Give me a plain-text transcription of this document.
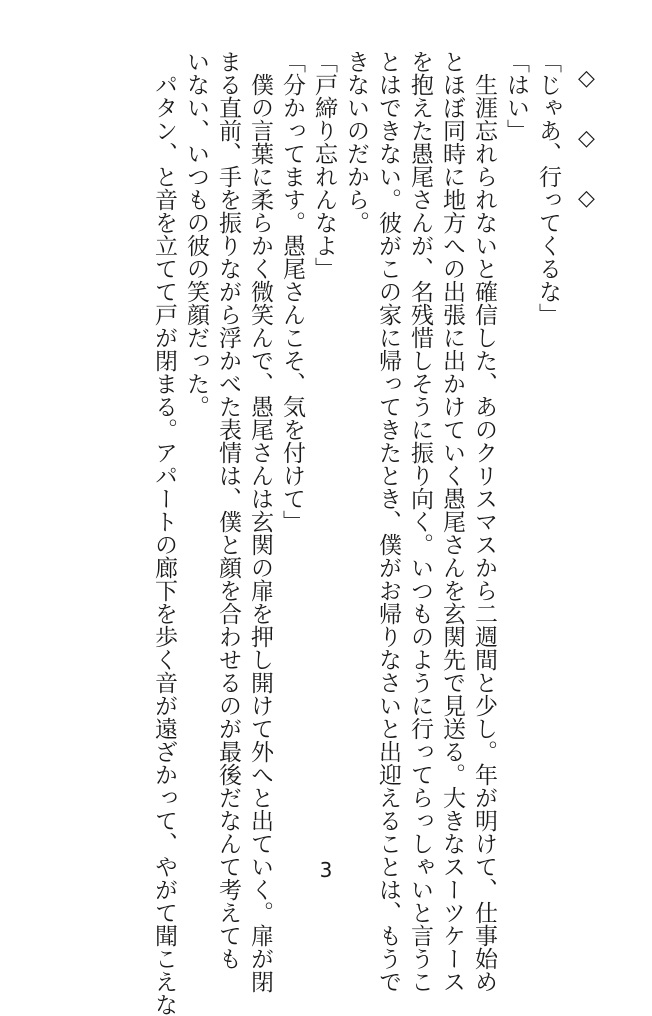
◇ ◇ ◇
「じゃあ、行ってくるな」
「はい」
　生涯忘れられないと確信した、あのクリスマスから二週間と少し。年が明けて、仕事始め
とほぼ同時に地方への出張に出かけていく愚尾さんを玄関先で見送る。大きなスーツケース
を抱えた愚尾さんが、名残惜しそうに振り向く。いつものように行ってらっしゃいと言うこ
とはできない。彼がこの家に帰ってきたとき、僕がお帰りなさいと出迎えることは、もうで
きないのだから。
「戸締り忘れんなよ」
「分かってます。愚尾さんこそ、気を付けて」
　僕の言葉に柔らかく微笑んで、愚尾さんは玄関の扉を押し開けて外へと出ていく。扉が閉
まる直前、手を振りながら浮かべた表情は、僕と顔を合わせるのが最後だなんて考えても
いない、いつもの彼の笑顔だった。
　パタン、と音を立てて戸が閉まる。アパートの廊下を歩く音が遠ざかって、やがて聞こえな	3
